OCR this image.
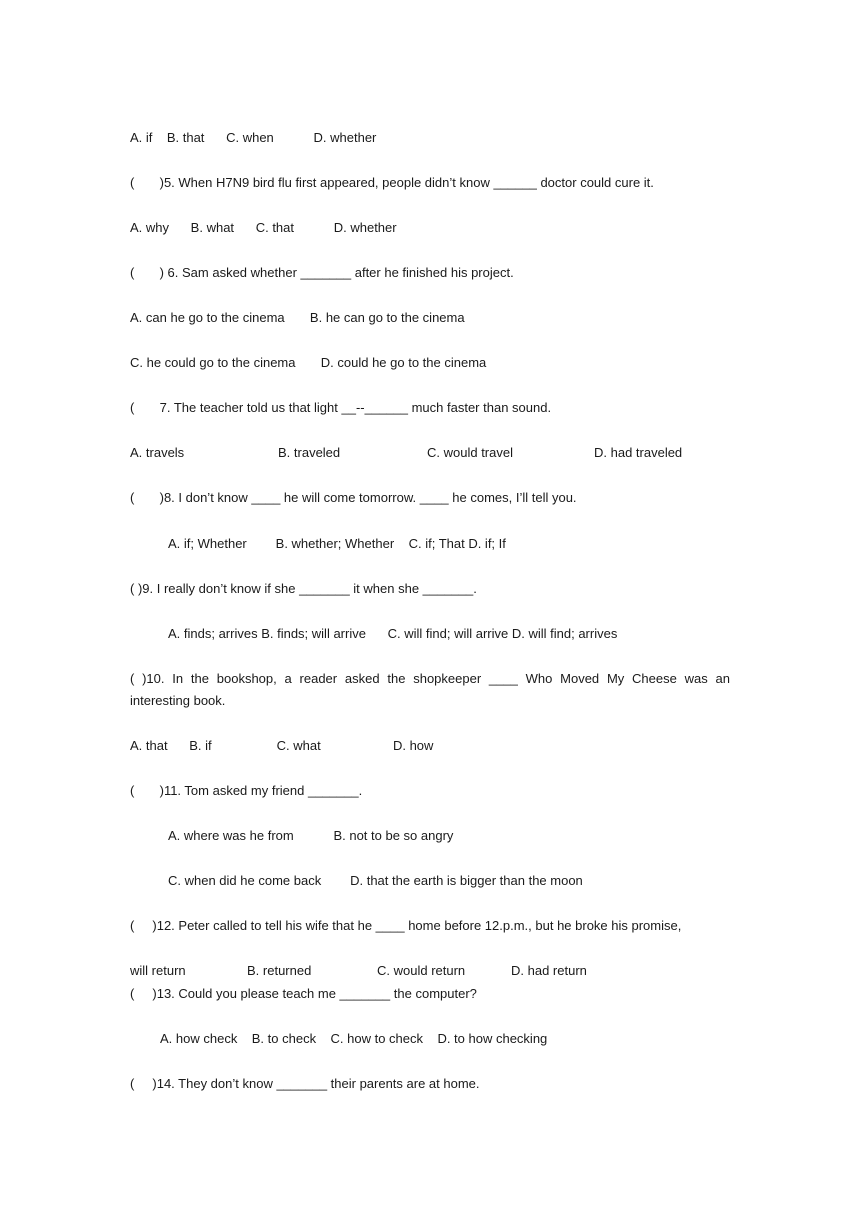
A. if    B. that      C. when           D. whether
(       )5. When H7N9 bird flu first appeared, people didn’t know ______ doctor could cure it.
A. why      B. what      C. that           D. whether
(       ) 6. Sam asked whether _______ after he finished his project.
A. can he go to the cinema       B. he can go to the cinema
C. he could go to the cinema       D. could he go to the cinema
(       7. The teacher told us that light __--______ much faster than sound.
A. travels	B. traveled	C. would travel	D. had traveled
(       )8. I don’t know ____ he will come tomorrow. ____ he comes, I’ll tell you.
A. if; Whether        B. whether; Whether    C. if; That D. if; If
( )9. I really don’t know if she _______ it when she _______.
A. finds; arrives B. finds; will arrive      C. will find; will arrive D. will find; arrives
( )10. In the bookshop, a reader asked the shopkeeper ____ Who Moved My Cheese was an
interesting book.
A. that      B. if                  C. what                    D. how
(       )11. Tom asked my friend _______.
A. where was he from           B. not to be so angry
C. when did he come back        D. that the earth is bigger than the moon
(     )12. Peter called to tell his wife that he ____ home before 12.p.m., but he broke his promise,
will return	B. returned	C. would return	D. had return
(     )13. Could you please teach me _______ the computer?
A. how check    B. to check    C. how to check    D. to how checking
(     )14. They don’t know _______ their parents are at home.
